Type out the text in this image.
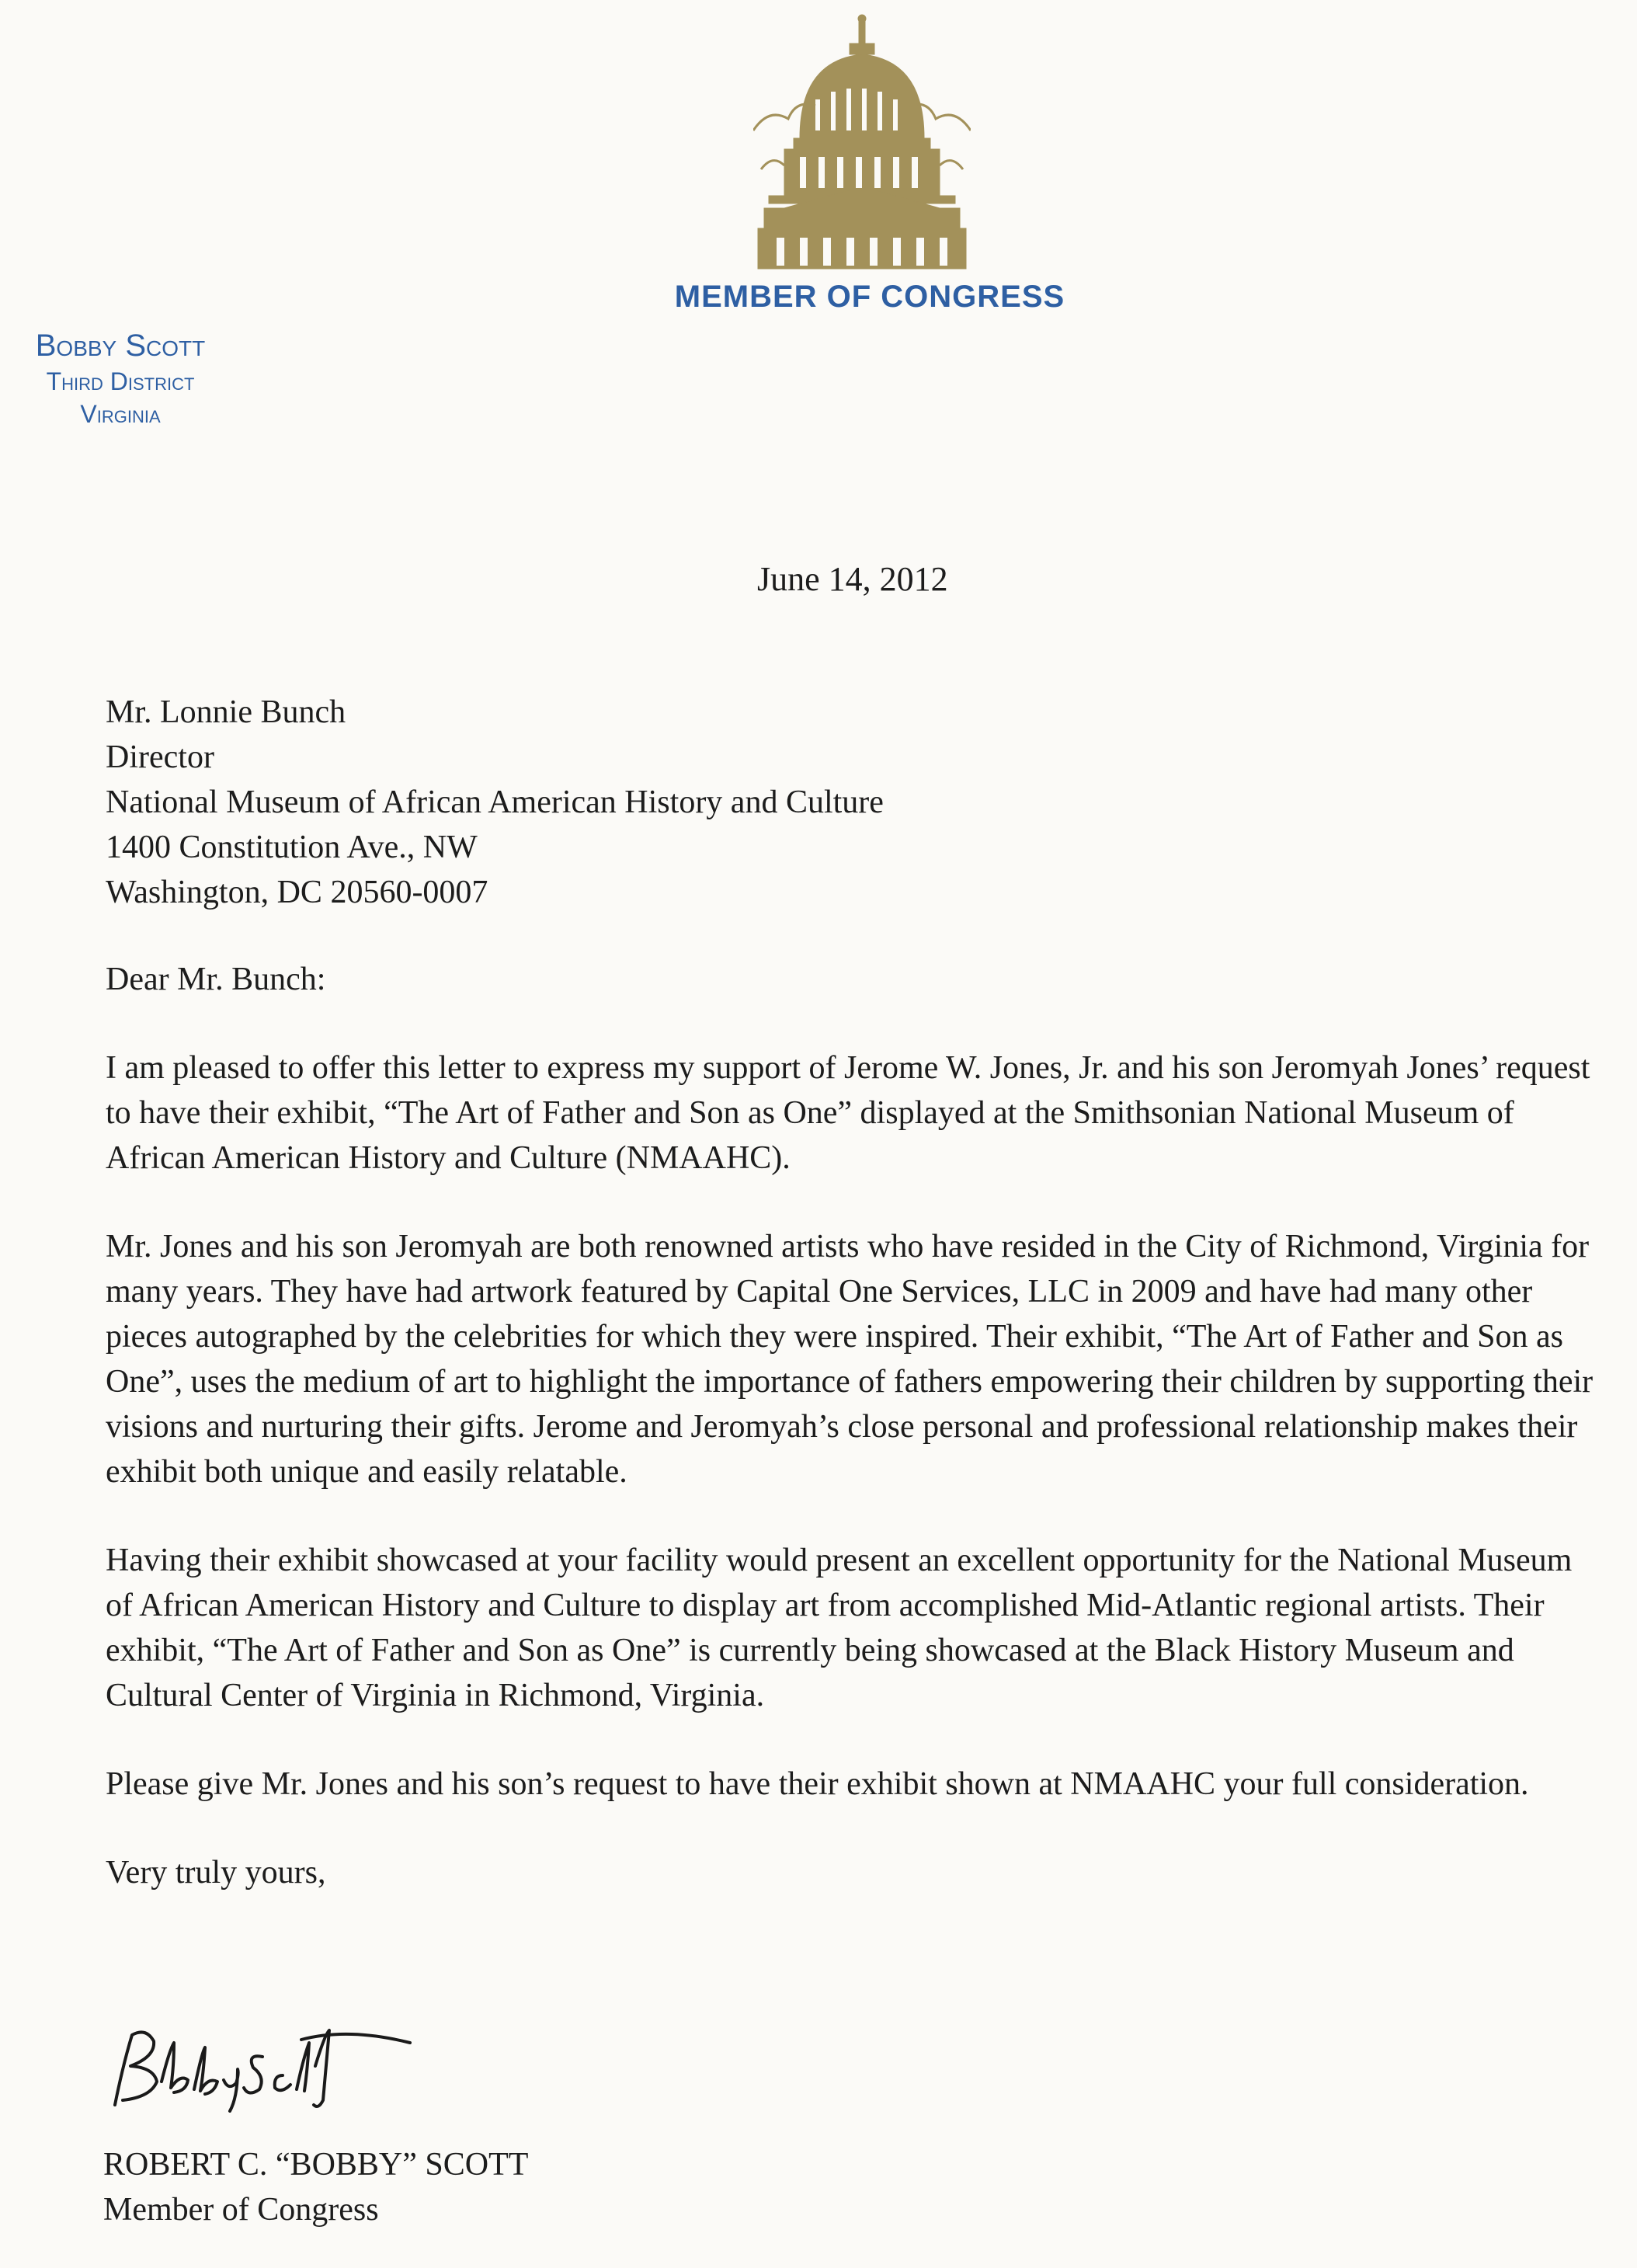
MEMBER OF CONGRESS
Bobby Scott
Third District
Virginia
June 14, 2012
Mr. Lonnie Bunch
Director
National Museum of African American History and Culture
1400 Constitution Ave., NW
Washington, DC 20560-0007
Dear Mr. Bunch:

I am pleased to offer this letter to express my support of Jerome W. Jones, Jr. and his son Jeromyah Jones’ request to have their exhibit, “The Art of Father and Son as One” displayed at the Smithsonian National Museum of African American History and Culture (NMAAHC).

Mr. Jones and his son Jeromyah are both renowned artists who have resided in the City of Richmond, Virginia for many years. They have had artwork featured by Capital One Services, LLC in 2009 and have had many other pieces autographed by the celebrities for which they were inspired. Their exhibit, “The Art of Father and Son as One”, uses the medium of art to highlight the importance of fathers empowering their children by supporting their visions and nurturing their gifts. Jerome and Jeromyah’s close personal and professional relationship makes their exhibit both unique and easily relatable.

Having their exhibit showcased at your facility would present an excellent opportunity for the National Museum of African American History and Culture to display art from accomplished Mid-Atlantic regional artists. Their exhibit, “The Art of Father and Son as One” is currently being showcased at the Black History Museum and Cultural Center of Virginia in Richmond, Virginia.

Please give Mr. Jones and his son’s request to have their exhibit shown at NMAAHC your full consideration.

Very truly yours,
ROBERT C. “BOBBY” SCOTT
Member of Congress
